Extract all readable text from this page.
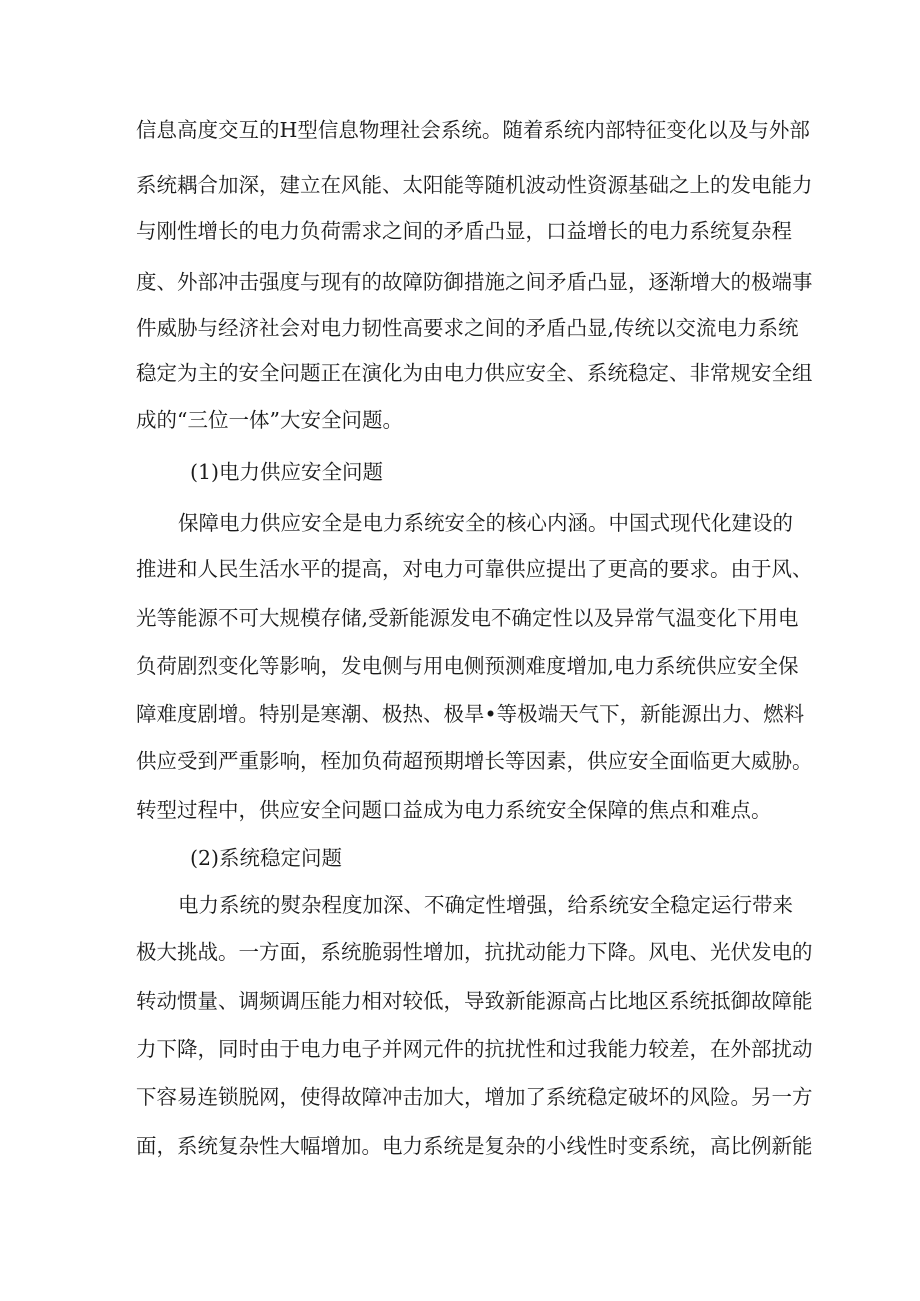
信息高度交互的H型信息物理社会系统。随着系统内部特征变化以及与外部
系统耦合加深，建立在风能、太阳能等随机波动性资源基础之上的发电能力
与刚性增长的电力负荷需求之间的矛盾凸显，口益增长的电力系统复杂程
度、外部冲击强度与现有的故障防御措施之间矛盾凸显，逐渐增大的极端事
件威胁与经济社会对电力韧性高要求之间的矛盾凸显,传统以交流电力系统
稳定为主的安全问题正在演化为由电力供应安全、系统稳定、非常规安全组
成的“三位一体”大安全问题。
(1)电力供应安全问题
保障电力供应安全是电力系统安全的核心内涵。中国式现代化建设的
推进和人民生活水平的提高，对电力可靠供应提出了更高的要求。由于风、
光等能源不可大规模存储,受新能源发电不确定性以及异常气温变化下用电
负荷剧烈变化等影响，发电侧与用电侧预测难度增加,电力系统供应安全保
障难度剧增。特别是寒潮、极热、极旱•等极端天气下，新能源出力、燃料
供应受到严重影响，桎加负荷超预期增长等因素，供应安全面临更大威胁。
转型过程中，供应安全问题口益成为电力系统安全保障的焦点和难点。
(2)系统稳定问题
电力系统的熨杂程度加深、不确定性增强，给系统安全稳定运行带来
极大挑战。一方面，系统脆弱性增加，抗扰动能力下降。风电、光伏发电的
转动惯量、调频调压能力相对较低，导致新能源高占比地区系统抵御故障能
力下降，同时由于电力电子并网元件的抗扰性和过我能力较差，在外部扰动
下容易连锁脱网，使得故障冲击加大，增加了系统稳定破坏的风险。另一方
面，系统复杂性大幅增加。电力系统是复杂的小线性时变系统，高比例新能
